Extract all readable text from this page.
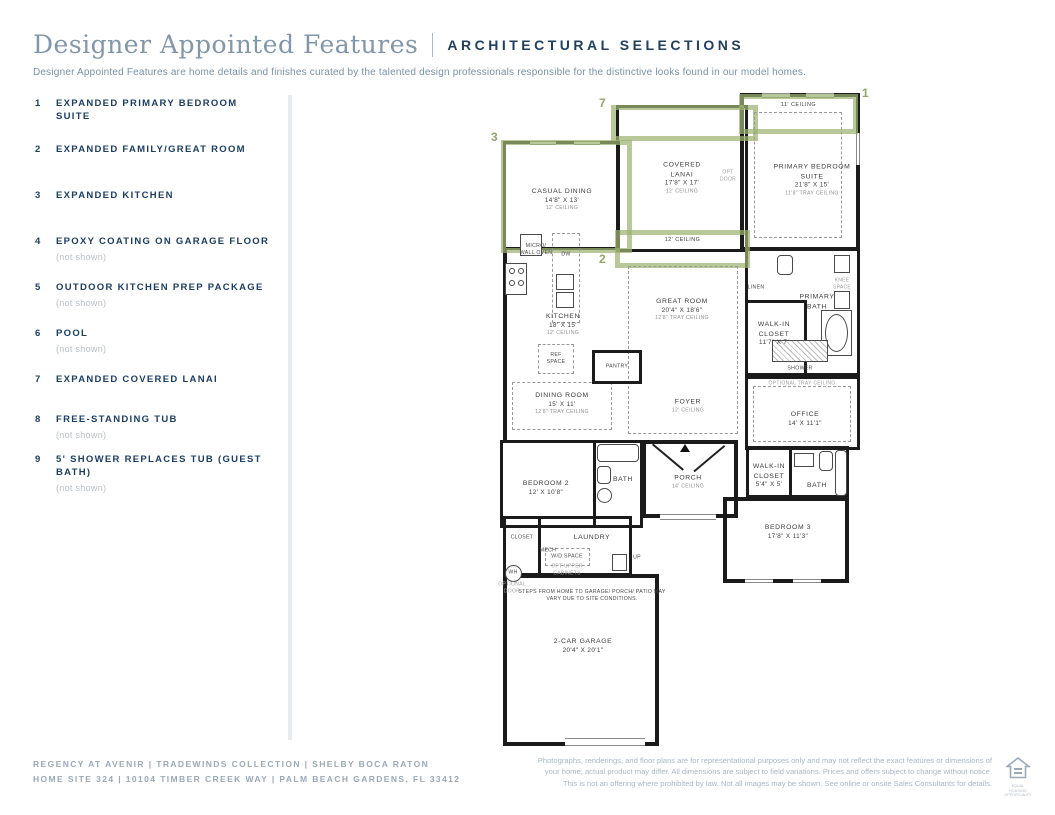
Designer Appointed Features ARCHITECTURAL SELECTIONS
Designer Appointed Features are home details and finishes curated by the talented design professionals responsible for the distinctive looks found in our model homes.
1 EXPANDED PRIMARY BEDROOM SUITE
2 EXPANDED FAMILY/GREAT ROOM
3 EXPANDED KITCHEN
4 EPOXY COATING ON GARAGE FLOOR
(not shown)
5 OUTDOOR KITCHEN PREP PACKAGE
(not shown)
6 POOL
(not shown)
7 EXPANDED COVERED LANAI
8 FREE-STANDING TUB
(not shown)
9 5' SHOWER REPLACES TUB (GUEST BATH)
(not shown)
1
7
3
2
11' CEILING
12' CEILING
MICRO/ WALL OVEN DW
REF SPACE
PANTRY	SHOWER
LINEN
KNEE SPACE
OPTIONAL TRAY CEILING
OPT DOOR
W/D SPACE
OPT UPPER CABINETS
WH
OPTIONAL DOOR
UP
CASUAL DINING
14'8" X 13'
12' CEILING
COVERED LANAI
17'8" X 17'
12' CEILING
PRIMARY BEDROOM SUITE
21'8" X 15'
11'8" TRAY CEILING
KITCHEN
18' X 15'
12' CEILING
GREAT ROOM
20'4" X 18'6"
12'8" TRAY CEILING
PRIMARY BATH
WALK-IN CLOSET
11'7" X 7'
OFFICE
14' X 11'1"
DINING ROOM
15' X 11'
12'8" TRAY CEILING
FOYER
12' CEILING
PORCH
14' CEILING
BEDROOM 2
12' X 10'8"
BATH
WALK-IN CLOSET
5'4" X 5'	BATH
BEDROOM 3
17'8" X 11'3"
LAUNDRY
CLOSET
MECH
2-CAR GARAGE
20'4" X 20'1"
STEPS FROM HOME TO GARAGE/ PORCH/ PATIO MAY VARY DUE TO SITE CONDITIONS.
REGENCY AT AVENIR | TRADEWINDS COLLECTION | SHELBY BOCA RATON
HOME SITE 324 | 10104 TIMBER CREEK WAY | PALM BEACH GARDENS, FL 33412
Photographs, renderings, and floor plans are for representational purposes only and may not reflect the exact features or dimensions of your home; actual product may differ. All dimensions are subject to field variations. Prices and offers subject to change without notice. This is not an offering where prohibited by law. Not all images may be shown. See online or onsite Sales Consultants for details.	EQUAL HOUSING OPPORTUNITY
